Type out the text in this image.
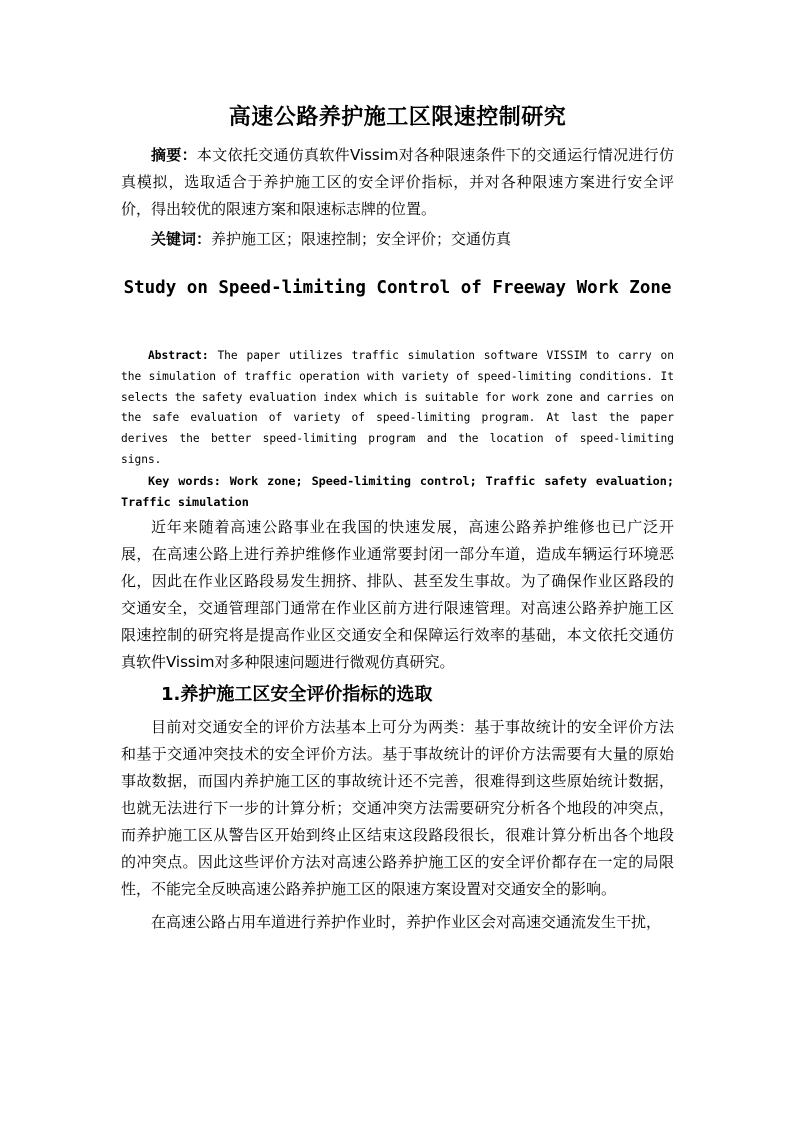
高速公路养护施工区限速控制研究

摘要：本文依托交通仿真软件Vissim对各种限速条件下的交通运行情况进行仿真模拟，选取适合于养护施工区的安全评价指标，并对各种限速方案进行安全评价，得出较优的限速方案和限速标志牌的位置。

关键词：养护施工区；限速控制；安全评价；交通仿真

Study on Speed-limiting Control of Freeway Work Zone

Abstract: The paper utilizes traffic simulation software VISSIM to carry on the simulation of traffic operation with variety of speed-limiting conditions. It selects the safety evaluation index which is suitable for work zone and carries on the safe evaluation of variety of speed-limiting program. At last the paper derives the better speed-limiting program and the location of speed-limiting signs.

Key words: Work zone; Speed-limiting control; Traffic safety evaluation; Traffic simulation

近年来随着高速公路事业在我国的快速发展，高速公路养护维修也已广泛开展，在高速公路上进行养护维修作业通常要封闭一部分车道，造成车辆运行环境恶化，因此在作业区路段易发生拥挤、排队、甚至发生事故。为了确保作业区路段的交通安全，交通管理部门通常在作业区前方进行限速管理。对高速公路养护施工区限速控制的研究将是提高作业区交通安全和保障运行效率的基础，本文依托交通仿真软件Vissim对多种限速问题进行微观仿真研究。

1.养护施工区安全评价指标的选取

目前对交通安全的评价方法基本上可分为两类：基于事故统计的安全评价方法和基于交通冲突技术的安全评价方法。基于事故统计的评价方法需要有大量的原始事故数据，而国内养护施工区的事故统计还不完善，很难得到这些原始统计数据，也就无法进行下一步的计算分析；交通冲突方法需要研究分析各个地段的冲突点，而养护施工区从警告区开始到终止区结束这段路段很长，很难计算分析出各个地段的冲突点。因此这些评价方法对高速公路养护施工区的安全评价都存在一定的局限性，不能完全反映高速公路养护施工区的限速方案设置对交通安全的影响。

在高速公路占用车道进行养护作业时，养护作业区会对高速交通流发生干扰，
